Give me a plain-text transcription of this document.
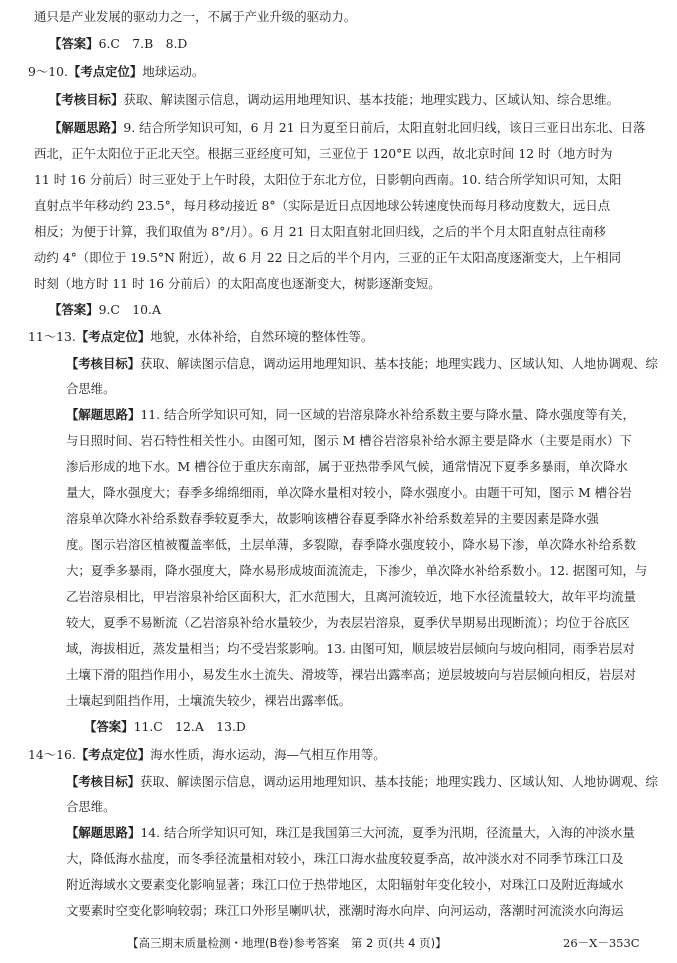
通只是产业发展的驱动力之一，不属于产业升级的驱动力。
【答案】6.C　7.B　8.D
9～10.【考点定位】地球运动。
【考核目标】获取、解读图示信息，调动运用地理知识、基本技能；地理实践力、区域认知、综合思维。
【解题思路】9. 结合所学知识可知，6 月 21 日为夏至日前后，太阳直射北回归线，该日三亚日出东北、日落
西北，正午太阳位于正北天空。根据三亚经度可知，三亚位于 120°E 以西，故北京时间 12 时（地方时为
11 时 16 分前后）时三亚处于上午时段，太阳位于东北方位，日影朝向西南。10. 结合所学知识可知，太阳
直射点半年移动约 23.5°，每月移动接近 8°（实际是近日点因地球公转速度快而每月移动度数大，远日点
相反；为便于计算，我们取值为 8°/月）。6 月 21 日太阳直射北回归线，之后的半个月太阳直射点往南移
动约 4°（即位于 19.5°N 附近），故 6 月 22 日之后的半个月内，三亚的正午太阳高度逐渐变大，上午相同
时刻（地方时 11 时 16 分前后）的太阳高度也逐渐变大，树影逐渐变短。
【答案】9.C　10.A
11～13.【考点定位】地貌，水体补给，自然环境的整体性等。
【考核目标】获取、解读图示信息，调动运用地理知识、基本技能；地理实践力、区域认知、人地协调观、综
合思维。
【解题思路】11. 结合所学知识可知，同一区域的岩溶泉降水补给系数主要与降水量、降水强度等有关，
与日照时间、岩石特性相关性小。由图可知，图示 M 槽谷岩溶泉补给水源主要是降水（主要是雨水）下
渗后形成的地下水。M 槽谷位于重庆东南部，属于亚热带季风气候，通常情况下夏季多暴雨，单次降水
量大，降水强度大；春季多绵绵细雨，单次降水量相对较小，降水强度小。由题干可知，图示 M 槽谷岩
溶泉单次降水补给系数春季较夏季大，故影响该槽谷春夏季降水补给系数差异的主要因素是降水强
度。图示岩溶区植被覆盖率低，土层单薄，多裂隙，春季降水强度较小，降水易下渗，单次降水补给系数
大；夏季多暴雨，降水强度大，降水易形成坡面流流走，下渗少，单次降水补给系数小。12. 据图可知，与
乙岩溶泉相比，甲岩溶泉补给区面积大，汇水范围大，且离河流较近，地下水径流量较大，故年平均流量
较大，夏季不易断流（乙岩溶泉补给水量较少，为表层岩溶泉，夏季伏旱期易出现断流）；均位于谷底区
域，海拔相近，蒸发量相当；均不受岩浆影响。13. 由图可知，顺层坡岩层倾向与坡向相同，雨季岩层对
土壤下滑的阻挡作用小，易发生水土流失、滑坡等，裸岩出露率高；逆层坡坡向与岩层倾向相反，岩层对
土壤起到阻挡作用，土壤流失较少，裸岩出露率低。
【答案】11.C　12.A　13.D
14～16.【考点定位】海水性质，海水运动，海—气相互作用等。
【考核目标】获取、解读图示信息，调动运用地理知识、基本技能；地理实践力、区域认知、人地协调观、综
合思维。
【解题思路】14. 结合所学知识可知，珠江是我国第三大河流，夏季为汛期，径流量大，入海的冲淡水量
大，降低海水盐度，而冬季径流量相对较小，珠江口海水盐度较夏季高，故冲淡水对不同季节珠江口及
附近海域水文要素变化影响显著；珠江口位于热带地区，太阳辐射年变化较小，对珠江口及附近海域水
文要素时空变化影响较弱；珠江口外形呈喇叭状，涨潮时海水向岸、向河运动，落潮时河流淡水向海运
【高三期末质量检测・地理(B卷)参考答案　第 2 页(共 4 页)】	26－X－353C
